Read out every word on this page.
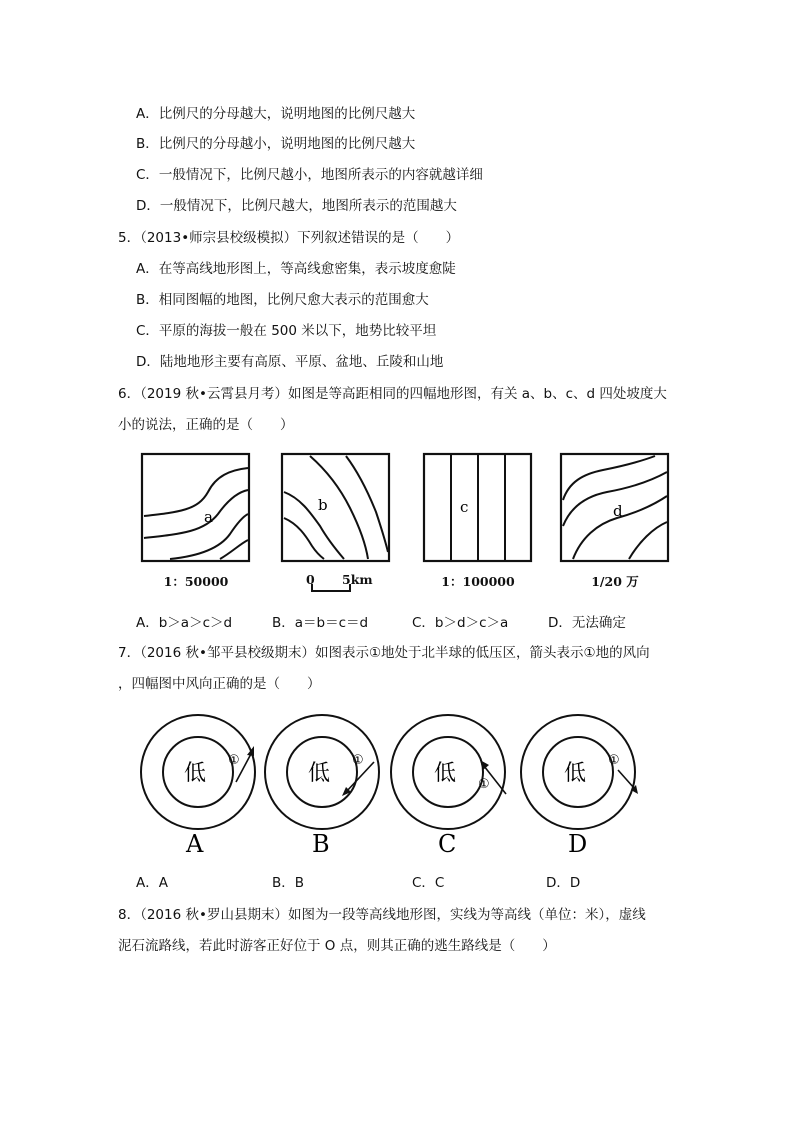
A．比例尺的分母越大，说明地图的比例尺越大
B．比例尺的分母越小，说明地图的比例尺越大
C．一般情况下，比例尺越小，地图所表示的内容就越详细
D．一般情况下，比例尺越大，地图所表示的范围越大
5．（2013•师宗县校级模拟）下列叙述错误的是（　　）
A．在等高线地形图上，等高线愈密集，表示坡度愈陡
B．相同图幅的地图，比例尺愈大表示的范围愈大
C．平原的海拔一般在 500 米以下，地势比较平坦
D．陆地地形主要有高原、平原、盆地、丘陵和山地
6．（2019 秋•云霄县月考）如图是等高距相同的四幅地形图，有关 a、b、c、d 四处坡度大
小的说法，正确的是（　　）
a
1：50000
b
0 5km
c
1：100000
d
1/20 万
A．b＞a＞c＞d	B．a＝b＝c＝d	C．b＞d＞c＞a	D．无法确定
7．（2016 秋•邹平县校级期末）如图表示①地处于北半球的低压区，箭头表示①地的风向
，四幅图中风向正确的是（　　）
低
①
A
低
①
B
低 ①
C
低
①
D
A．A	B．B	C．C	D．D
8．（2016 秋•罗山县期末）如图为一段等高线地形图，实线为等高线（单位：米），虚线
泥石流路线，若此时游客正好位于 O 点，则其正确的逃生路线是（　　）
